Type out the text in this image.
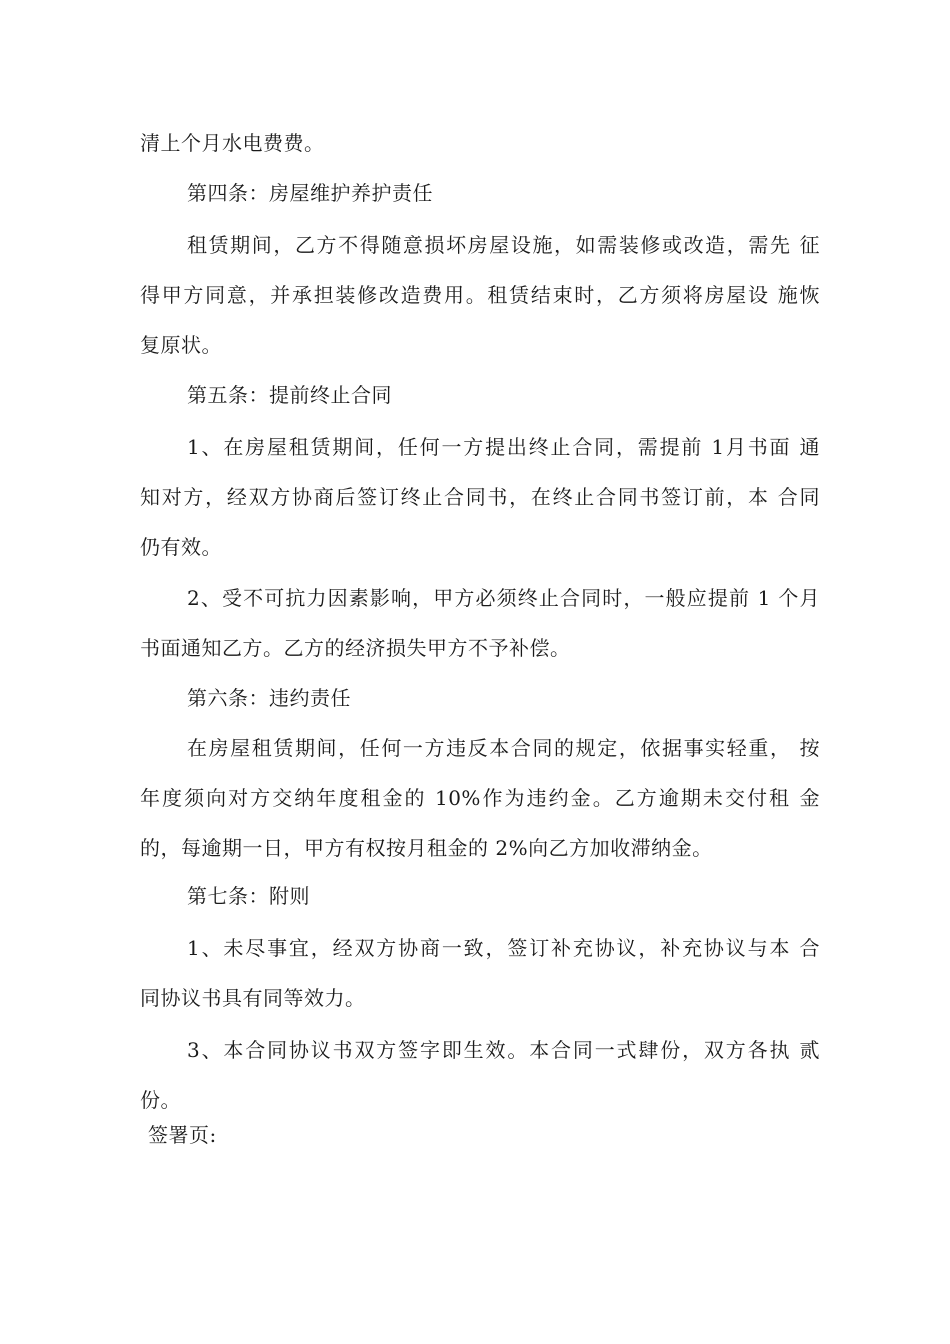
清上个月水电费费。
第四条：房屋维护养护责任
租赁期间，乙方不得随意损坏房屋设施，如需装修或改造，需先 征
得甲方同意，并承担装修改造费用。租赁结束时，乙方须将房屋设 施恢
复原状。
第五条：提前终止合同
1、在房屋租赁期间，任何一方提出终止合同，需提前 1月书面 通
知对方，经双方协商后签订终止合同书，在终止合同书签订前，本 合同
仍有效。
2、受不可抗力因素影响，甲方必须终止合同时，一般应提前 1 个月
书面通知乙方。乙方的经济损失甲方不予补偿。
第六条：违约责任
在房屋租赁期间，任何一方违反本合同的规定，依据事实轻重， 按
年度须向对方交纳年度租金的 10%作为违约金。乙方逾期未交付租 金
的，每逾期一日，甲方有权按月租金的 2%向乙方加收滞纳金。
第七条：附则
1、未尽事宜，经双方协商一致，签订补充协议，补充协议与本 合
同协议书具有同等效力。
3、本合同协议书双方签字即生效。本合同一式肆份，双方各执 贰
份。
签署页:
